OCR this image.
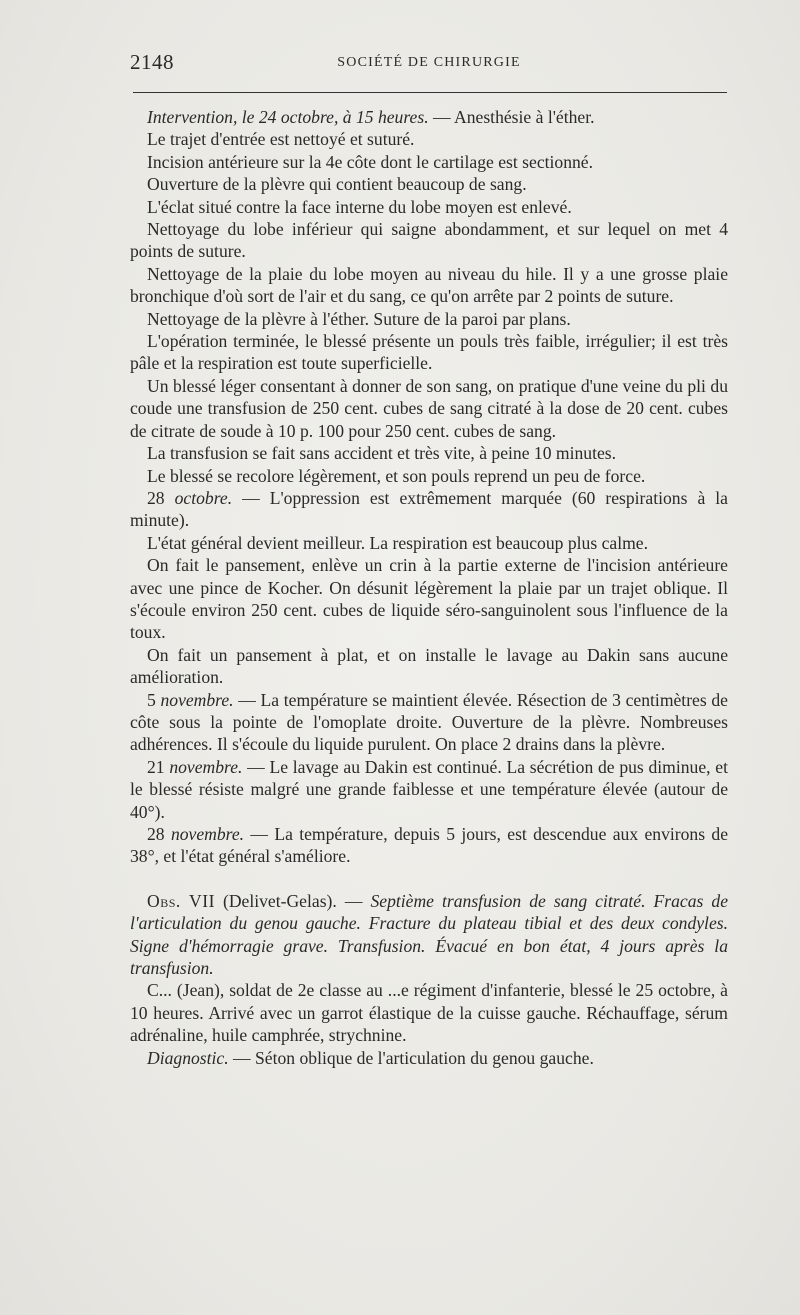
2148	SOCIÉTÉ DE CHIRURGIE

Intervention, le 24 octobre, à 15 heures. — Anesthésie à l'éther.

Le trajet d'entrée est nettoyé et suturé.

Incision antérieure sur la 4e côte dont le cartilage est sectionné.

Ouverture de la plèvre qui contient beaucoup de sang.

L'éclat situé contre la face interne du lobe moyen est enlevé.

Nettoyage du lobe inférieur qui saigne abondamment, et sur lequel on met 4 points de suture.

Nettoyage de la plaie du lobe moyen au niveau du hile. Il y a une grosse plaie bronchique d'où sort de l'air et du sang, ce qu'on arrête par 2 points de suture.

Nettoyage de la plèvre à l'éther. Suture de la paroi par plans.

L'opération terminée, le blessé présente un pouls très faible, irrégulier; il est très pâle et la respiration est toute superficielle.

Un blessé léger consentant à donner de son sang, on pratique d'une veine du pli du coude une transfusion de 250 cent. cubes de sang citraté à la dose de 20 cent. cubes de citrate de soude à 10 p. 100 pour 250 cent. cubes de sang.

La transfusion se fait sans accident et très vite, à peine 10 minutes.

Le blessé se recolore légèrement, et son pouls reprend un peu de force.

28 octobre. — L'oppression est extrêmement marquée (60 respirations à la minute).

L'état général devient meilleur. La respiration est beaucoup plus calme.

On fait le pansement, enlève un crin à la partie externe de l'incision antérieure avec une pince de Kocher. On désunit légèrement la plaie par un trajet oblique. Il s'écoule environ 250 cent. cubes de liquide séro-sanguinolent sous l'influence de la toux.

On fait un pansement à plat, et on installe le lavage au Dakin sans aucune amélioration.

5 novembre. — La température se maintient élevée. Résection de 3 centimètres de côte sous la pointe de l'omoplate droite. Ouverture de la plèvre. Nombreuses adhérences. Il s'écoule du liquide purulent. On place 2 drains dans la plèvre.

21 novembre. — Le lavage au Dakin est continué. La sécrétion de pus diminue, et le blessé résiste malgré une grande faiblesse et une température élevée (autour de 40°).

28 novembre. — La température, depuis 5 jours, est descendue aux environs de 38°, et l'état général s'améliore.

Obs. VII (Delivet-Gelas). — Septième transfusion de sang citraté. Fracas de l'articulation du genou gauche. Fracture du plateau tibial et des deux condyles. Signe d'hémorragie grave. Transfusion. Évacué en bon état, 4 jours après la transfusion.

C... (Jean), soldat de 2e classe au ...e régiment d'infanterie, blessé le 25 octobre, à 10 heures. Arrivé avec un garrot élastique de la cuisse gauche. Réchauffage, sérum adrénaline, huile camphrée, strychnine.

Diagnostic. — Séton oblique de l'articulation du genou gauche.
